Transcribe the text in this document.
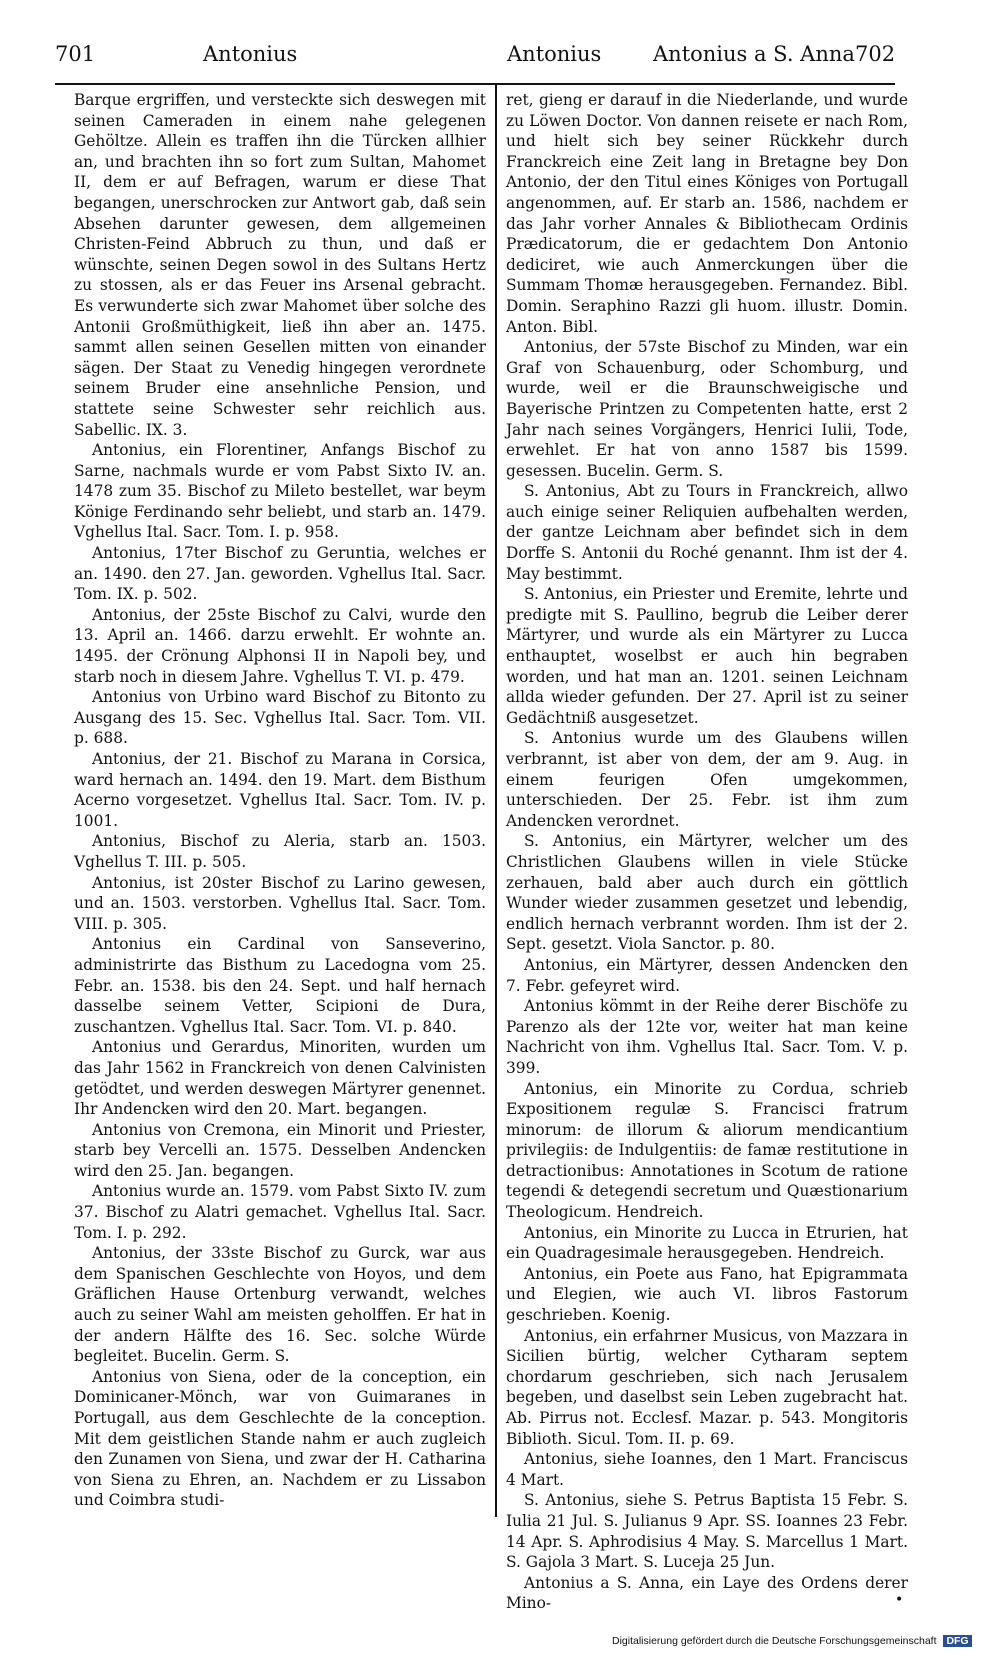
701	Antonius	Antonius Antonius a S. Anna 702

Barque ergriffen, und versteckte sich deswegen mit seinen Cameraden in einem nahe gelegenen Gehöltze. Allein es traffen ihn die Türcken allhier an, und brachten ihn so fort zum Sultan, Mahomet II, dem er auf Befragen, warum er diese That begangen, unerschrocken zur Antwort gab, daß sein Absehen darunter gewesen, dem allgemeinen Christen-Feind Abbruch zu thun, und daß er wünschte, seinen Degen sowol in des Sultans Hertz zu stossen, als er das Feuer ins Arsenal gebracht. Es verwunderte sich zwar Mahomet über solche des Antonii Großmüthigkeit, ließ ihn aber an. 1475. sammt allen seinen Gesellen mitten von einander sägen. Der Staat zu Venedig hingegen verordnete seinem Bruder eine ansehnliche Pension, und stattete seine Schwester sehr reichlich aus. Sabellic. IX. 3.

Antonius, ein Florentiner, Anfangs Bischof zu Sarne, nachmals wurde er vom Pabst Sixto IV. an. 1478 zum 35. Bischof zu Mileto bestellet, war beym Könige Ferdinando sehr beliebt, und starb an. 1479. Vghellus Ital. Sacr. Tom. I. p. 958.

Antonius, 17ter Bischof zu Geruntia, welches er an. 1490. den 27. Jan. geworden. Vghellus Ital. Sacr. Tom. IX. p. 502.

Antonius, der 25ste Bischof zu Calvi, wurde den 13. April an. 1466. darzu erwehlt. Er wohnte an. 1495. der Crönung Alphonsi II in Napoli bey, und starb noch in diesem Jahre. Vghellus T. VI. p. 479.

Antonius von Urbino ward Bischof zu Bitonto zu Ausgang des 15. Sec. Vghellus Ital. Sacr. Tom. VII. p. 688.

Antonius, der 21. Bischof zu Marana in Corsica, ward hernach an. 1494. den 19. Mart. dem Bisthum Acerno vorgesetzet. Vghellus Ital. Sacr. Tom. IV. p. 1001.

Antonius, Bischof zu Aleria, starb an. 1503. Vghellus T. III. p. 505.

Antonius, ist 20ster Bischof zu Larino gewesen, und an. 1503. verstorben. Vghellus Ital. Sacr. Tom. VIII. p. 305.

Antonius ein Cardinal von Sanseverino, administrirte das Bisthum zu Lacedogna vom 25. Febr. an. 1538. bis den 24. Sept. und half hernach dasselbe seinem Vetter, Scipioni de Dura, zuschantzen. Vghellus Ital. Sacr. Tom. VI. p. 840.

Antonius und Gerardus, Minoriten, wurden um das Jahr 1562 in Franckreich von denen Calvinisten getödtet, und werden deswegen Märtyrer genennet. Ihr Andencken wird den 20. Mart. begangen.

Antonius von Cremona, ein Minorit und Priester, starb bey Vercelli an. 1575. Desselben Andencken wird den 25. Jan. begangen.

Antonius wurde an. 1579. vom Pabst Sixto IV. zum 37. Bischof zu Alatri gemachet. Vghellus Ital. Sacr. Tom. I. p. 292.

Antonius, der 33ste Bischof zu Gurck, war aus dem Spanischen Geschlechte von Hoyos, und dem Gräflichen Hause Ortenburg verwandt, welches auch zu seiner Wahl am meisten geholffen. Er hat in der andern Hälfte des 16. Sec. solche Würde begleitet. Bucelin. Germ. S.

Antonius von Siena, oder de la conception, ein Dominicaner-Mönch, war von Guimaranes in Portugall, aus dem Geschlechte de la conception. Mit dem geistlichen Stande nahm er auch zugleich den Zunamen von Siena, und zwar der H. Catharina von Siena zu Ehren, an. Nachdem er zu Lissabon und Coimbra studi-

ret, gieng er darauf in die Niederlande, und wurde zu Löwen Doctor. Von dannen reisete er nach Rom, und hielt sich bey seiner Rückkehr durch Franckreich eine Zeit lang in Bretagne bey Don Antonio, der den Titul eines Königes von Portugall angenommen, auf. Er starb an. 1586, nachdem er das Jahr vorher Annales & Bibliothecam Ordinis Prædicatorum, die er gedachtem Don Antonio dediciret, wie auch Anmerckungen über die Summam Thomæ herausgegeben. Fernandez. Bibl. Domin. Seraphino Razzi gli huom. illustr. Domin. Anton. Bibl.

Antonius, der 57ste Bischof zu Minden, war ein Graf von Schauenburg, oder Schomburg, und wurde, weil er die Braunschweigische und Bayerische Printzen zu Competenten hatte, erst 2 Jahr nach seines Vorgängers, Henrici Iulii, Tode, erwehlet. Er hat von anno 1587 bis 1599. gesessen. Bucelin. Germ. S.

S. Antonius, Abt zu Tours in Franckreich, allwo auch einige seiner Reliquien aufbehalten werden, der gantze Leichnam aber befindet sich in dem Dorffe S. Antonii du Roché genannt. Ihm ist der 4. May bestimmt.

S. Antonius, ein Priester und Eremite, lehrte und predigte mit S. Paullino, begrub die Leiber derer Märtyrer, und wurde als ein Märtyrer zu Lucca enthauptet, woselbst er auch hin begraben worden, und hat man an. 1201. seinen Leichnam allda wieder gefunden. Der 27. April ist zu seiner Gedächtniß ausgesetzet.

S. Antonius wurde um des Glaubens willen verbrannt, ist aber von dem, der am 9. Aug. in einem feurigen Ofen umgekommen, unterschieden. Der 25. Febr. ist ihm zum Andencken verordnet.

S. Antonius, ein Märtyrer, welcher um des Christlichen Glaubens willen in viele Stücke zerhauen, bald aber auch durch ein göttlich Wunder wieder zusammen gesetzet und lebendig, endlich hernach verbrannt worden. Ihm ist der 2. Sept. gesetzt. Viola Sanctor. p. 80.

Antonius, ein Märtyrer, dessen Andencken den 7. Febr. gefeyret wird.

Antonius kömmt in der Reihe derer Bischöfe zu Parenzo als der 12te vor, weiter hat man keine Nachricht von ihm. Vghellus Ital. Sacr. Tom. V. p. 399.

Antonius, ein Minorite zu Cordua, schrieb Expositionem regulæ S. Francisci fratrum minorum: de illorum & aliorum mendicantium privilegiis: de Indulgentiis: de famæ restitutione in detractionibus: Annotationes in Scotum de ratione tegendi & detegendi secretum und Quæstionarium Theologicum. Hendreich.

Antonius, ein Minorite zu Lucca in Etrurien, hat ein Quadragesimale herausgegeben. Hendreich.

Antonius, ein Poete aus Fano, hat Epigrammata und Elegien, wie auch VI. libros Fastorum geschrieben. Koenig.

Antonius, ein erfahrner Musicus, von Mazzara in Sicilien bürtig, welcher Cytharam septem chordarum geschrieben, sich nach Jerusalem begeben, und daselbst sein Leben zugebracht hat. Ab. Pirrus not. Ecclesf. Mazar. p. 543. Mongitoris Biblioth. Sicul. Tom. II. p. 69.

Antonius, siehe Ioannes, den 1 Mart. Franciscus 4 Mart.

S. Antonius, siehe S. Petrus Baptista 15 Febr. S. Iulia 21 Jul. S. Julianus 9 Apr. SS. Ioannes 23 Febr. 14 Apr. S. Aphrodisius 4 May. S. Marcellus 1 Mart. S. Gajola 3 Mart. S. Luceja 25 Jun.

Antonius a S. Anna, ein Laye des Ordens derer Mino-	•
Digitalisierung gefördert durch die Deutsche Forschungsgemeinschaft DFG
